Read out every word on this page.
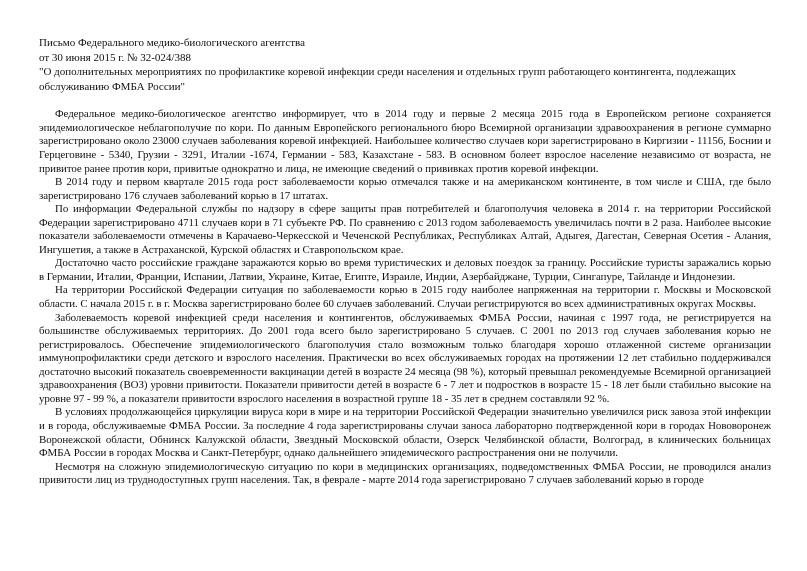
Письмо Федерального медико-биологического агентства
от 30 июня 2015 г. № 32-024/388
"О дополнительных мероприятиях по профилактике коревой инфекции среди населения и отдельных групп работающего контингента, подлежащих обслуживанию ФМБА России"

Федеральное медико-биологическое агентство информирует, что в 2014 году и первые 2 месяца 2015 года в Европейском регионе сохраняется эпидемиологическое неблагополучие по кори. По данным Европейского регионального бюро Всемирной организации здравоохранения в регионе суммарно зарегистрировано около 23000 случаев заболевания коревой инфекцией. Наибольшее количество случаев кори зарегистрировано в Киргизии - 11156, Боснии и Герцеговине - 5340, Грузии - 3291, Италии -1674, Германии - 583, Казахстане - 583. В основном болеет взрослое население независимо от возраста, не привитое ранее против кори, привитые однократно и лица, не имеющие сведений о прививках против коревой инфекции.

В 2014 году и первом квартале 2015 года рост заболеваемости корью отмечался также и на американском континенте, в том числе и США, где было зарегистрировано 176 случаев заболеваний корью в 17 штатах.

По информации Федеральной службы по надзору в сфере защиты прав потребителей и благополучия человека в 2014 г. на территории Российской Федерации зарегистрировано 4711 случаев кори в 71 субъекте РФ. По сравнению с 2013 годом заболеваемость увеличилась почти в 2 раза. Наиболее высокие показатели заболеваемости отмечены в Карачаево-Черкесской и Чеченской Республиках, Республиках Алтай, Адыгея, Дагестан, Северная Осетия - Алания, Ингушетия, а также в Астраханской, Курской областях и Ставропольском крае.

Достаточно часто российские граждане заражаются корью во время туристических и деловых поездок за границу. Российские туристы заражались корью в Германии, Италии, Франции, Испании, Латвии, Украине, Китае, Египте, Израиле, Индии, Азербайджане, Турции, Сингапуре, Тайланде и Индонезии.

На территории Российской Федерации ситуация по заболеваемости корью в 2015 году наиболее напряженная на территории г. Москвы и Московской области. С начала 2015 г. в г. Москва зарегистрировано более 60 случаев заболеваний. Случаи регистрируются во всех административных округах Москвы.

Заболеваемость коревой инфекцией среди населения и контингентов, обслуживаемых ФМБА России, начиная с 1997 года, не регистрируется на большинстве обслуживаемых территориях. До 2001 года всего было зарегистрировано 5 случаев. С 2001 по 2013 год случаев заболевания корью не регистрировалось. Обеспечение эпидемиологического благополучия стало возможным только благодаря хорошо отлаженной системе организации иммунопрофилактики среди детского и взрослого населения. Практически во всех обслуживаемых городах на протяжении 12 лет стабильно поддерживался достаточно высокий показатель своевременности вакцинации детей в возрасте 24 месяца (98 %), который превышал рекомендуемые Всемирной организацией здравоохранения (ВОЗ) уровни привитости. Показатели привитости детей в возрасте 6 - 7 лет и подростков в возрасте 15 - 18 лет были стабильно высокие на уровне 97 - 99 %, а показатели привитости взрослого населения в возрастной группе 18 - 35 лет в среднем составляли 92 %.

В условиях продолжающейся циркуляции вируса кори в мире и на территории Российской Федерации значительно увеличился риск завоза этой инфекции и в города, обслуживаемые ФМБА России. За последние 4 года зарегистрированы случаи заноса лабораторно подтвержденной кори в городах Нововоронеж Воронежской области, Обнинск Калужской области, Звездный Московской области, Озерск Челябинской области, Волгоград, в клинических больницах ФМБА России в городах Москва и Санкт-Петербург, однако дальнейшего эпидемического распространения они не получили.

Несмотря на сложную эпидемиологическую ситуацию по кори в медицинских организациях, подведомственных ФМБА России, не проводился анализ привитости лиц из труднодоступных групп населения. Так, в феврале - марте 2014 года зарегистрировано 7 случаев заболеваний корью в городе
